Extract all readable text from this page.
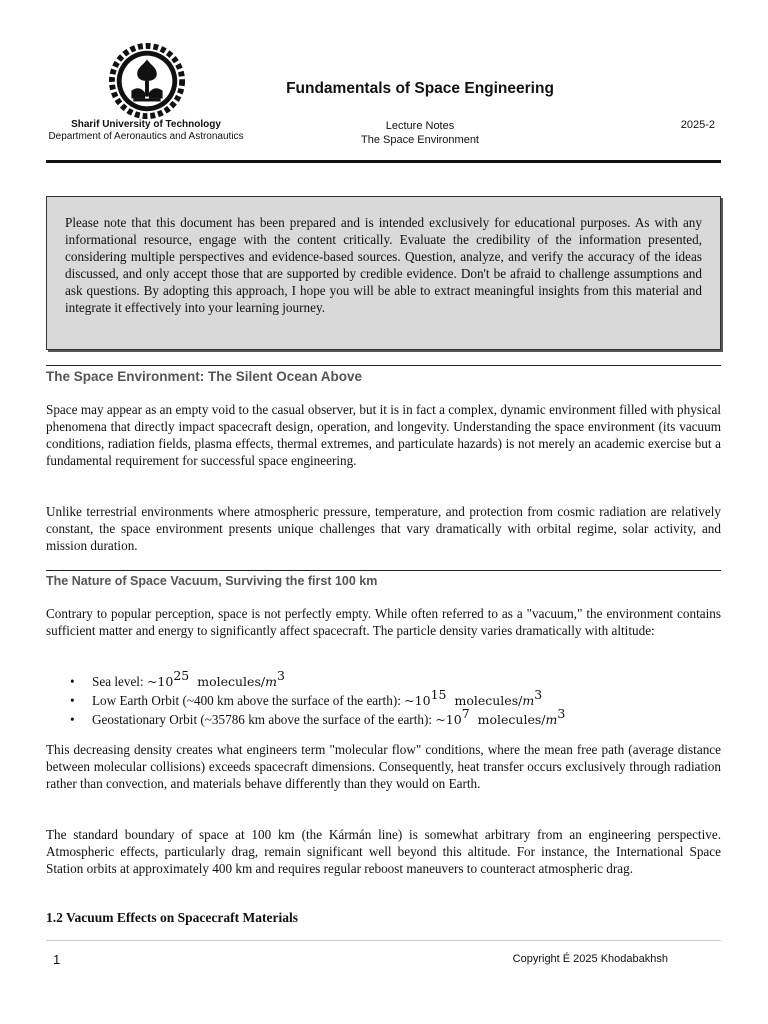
Fundamentals of Space Engineering
Sharif University of Technology
Department of Aeronautics and Astronautics
Lecture Notes
The Space Environment
2025-2
Please note that this document has been prepared and is intended exclusively for educational purposes. As with any informational resource, engage with the content critically. Evaluate the credibility of the information presented, considering multiple perspectives and evidence-based sources. Question, analyze, and verify the accuracy of the ideas discussed, and only accept those that are supported by credible evidence. Don't be afraid to challenge assumptions and ask questions. By adopting this approach, I hope you will be able to extract meaningful insights from this material and integrate it effectively into your learning journey.
The Space Environment: The Silent Ocean Above

Space may appear as an empty void to the casual observer, but it is in fact a complex, dynamic environment filled with physical phenomena that directly impact spacecraft design, operation, and longevity. Understanding the space environment (its vacuum conditions, radiation fields, plasma effects, thermal extremes, and particulate hazards) is not merely an academic exercise but a fundamental requirement for successful space engineering.

Unlike terrestrial environments where atmospheric pressure, temperature, and protection from cosmic radiation are relatively constant, the space environment presents unique challenges that vary dramatically with orbital regime, solar activity, and mission duration.

The Nature of Space Vacuum, Surviving the first 100 km

Contrary to popular perception, space is not perfectly empty. While often referred to as a "vacuum," the environment contains sufficient matter and energy to significantly affect spacecraft. The particle density varies dramatically with altitude:

• Sea level: $\sim 10^{25}$ molecules/$m^3$
• Low Earth Orbit (~400 km above the surface of the earth): $\sim 10^{15}$ molecules/$m^3$
• Geostationary Orbit (~35786 km above the surface of the earth): $\sim 10^7$ molecules/$m^3$

This decreasing density creates what engineers term "molecular flow" conditions, where the mean free path (average distance between molecular collisions) exceeds spacecraft dimensions. Consequently, heat transfer occurs exclusively through radiation rather than convection, and materials behave differently than they would on Earth.

The standard boundary of space at 100 km (the Kármán line) is somewhat arbitrary from an engineering perspective. Atmospheric effects, particularly drag, remain significant well beyond this altitude. For instance, the International Space Station orbits at approximately 400 km and requires regular reboost maneuvers to counteract atmospheric drag.

1.2 Vacuum Effects on Spacecraft Materials
1	Copyright É 2025 Khodabakhsh
